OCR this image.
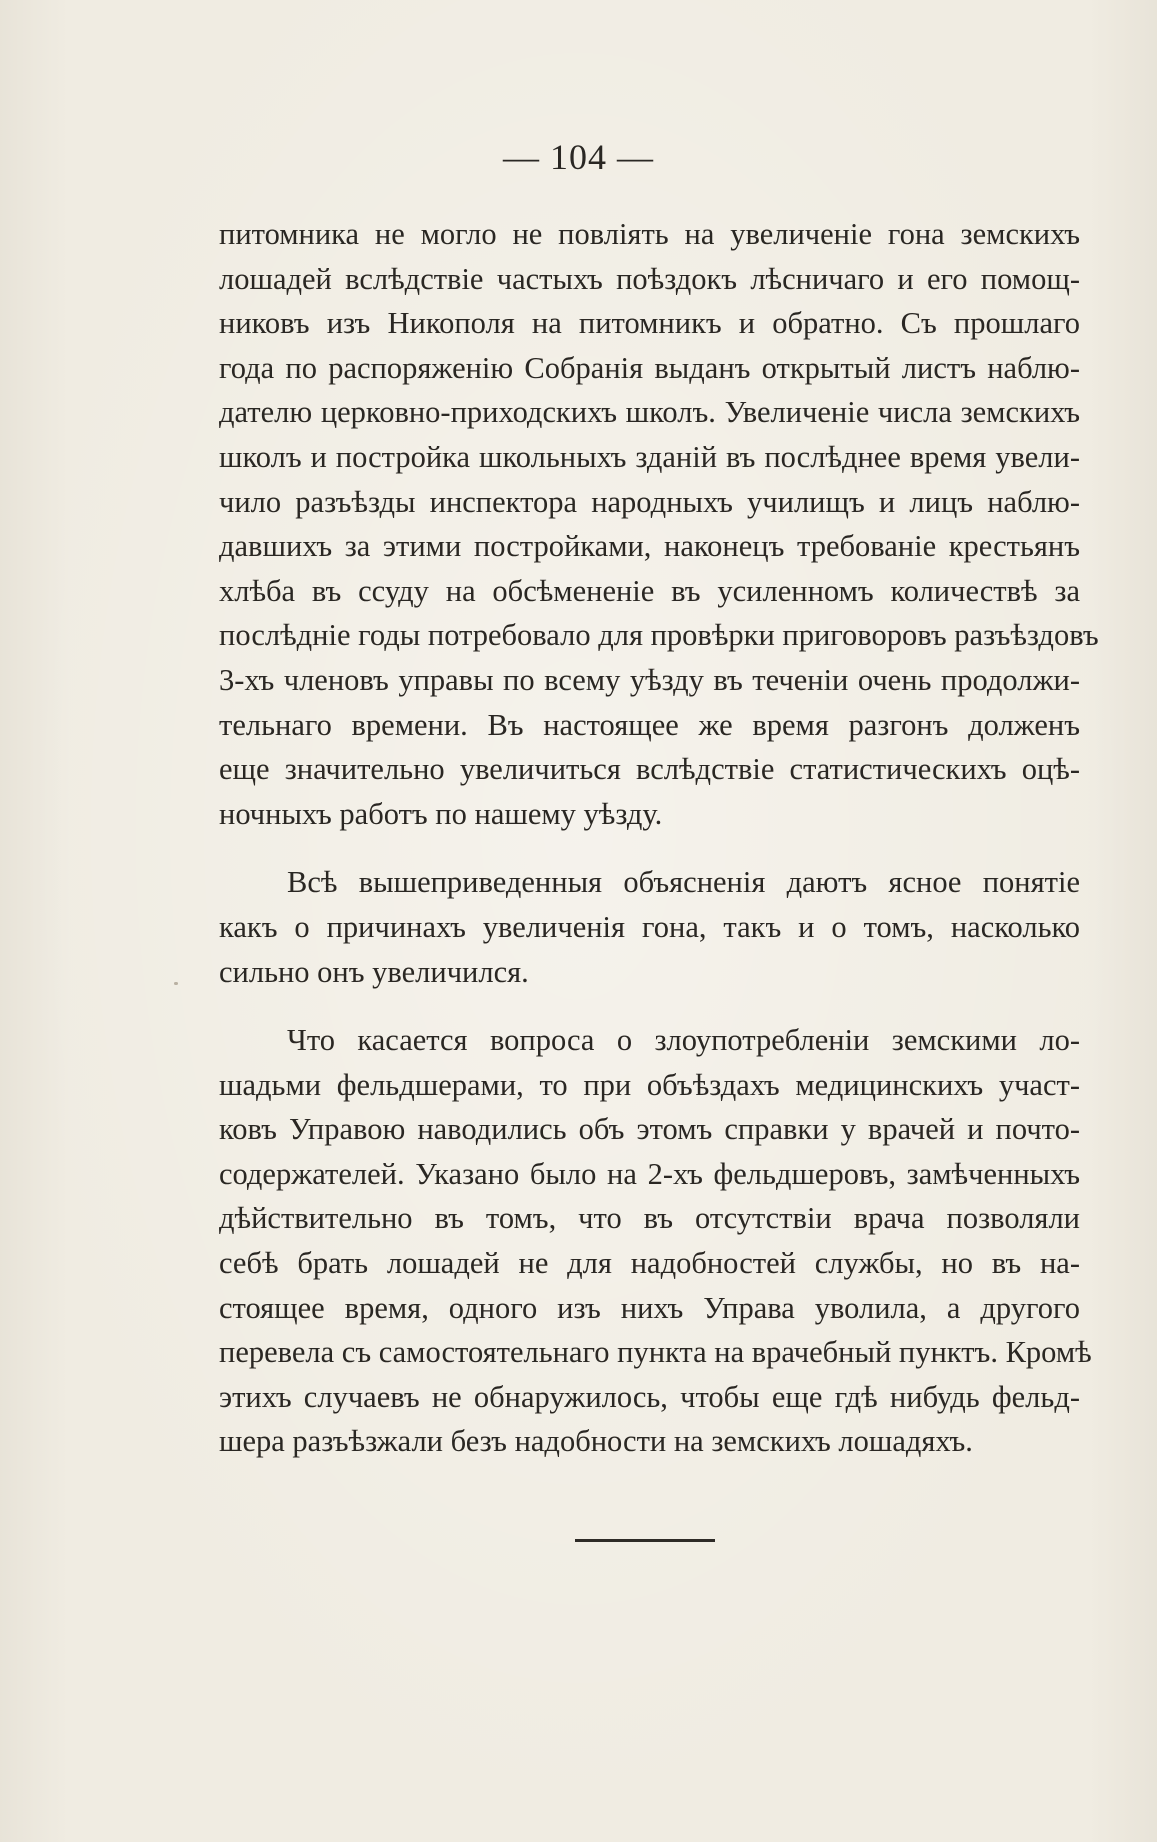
— 104 —
питомника не могло не повліять на увеличеніе гона земскихъ
лошадей вслѣдствіе частыхъ поѣздокъ лѣсничаго и его помощ-
никовъ изъ Никополя на питомникъ и обратно. Съ прошлаго
года по распоряженію Собранія выданъ открытый листъ наблю-
дателю церковно-приходскихъ школъ. Увеличеніе числа земскихъ
школъ и постройка школьныхъ зданій въ послѣднее время увели-
чило разъѣзды инспектора народныхъ училищъ и лицъ наблю-
давшихъ за этими постройками, наконецъ требованіе крестьянъ
хлѣба въ ссуду на обсѣмененіе въ усиленномъ количествѣ за
послѣдніе годы потребовало для провѣрки приговоровъ разъѣздовъ
3-хъ членовъ управы по всему уѣзду въ теченіи очень продолжи-
тельнаго времени. Въ настоящее же время разгонъ долженъ
еще значительно увеличиться вслѣдствіе статистическихъ оцѣ-
ночныхъ работъ по нашему уѣзду.
Всѣ вышеприведенныя объясненія даютъ ясное понятіе
какъ о причинахъ увеличенія гона, такъ и о томъ, насколько
сильно онъ увеличился.
Что касается вопроса о злоупотребленіи земскими ло-
шадьми фельдшерами, то при объѣздахъ медицинскихъ участ-
ковъ Управою наводились объ этомъ справки у врачей и почто-
содержателей. Указано было на 2-хъ фельдшеровъ, замѣченныхъ
дѣйствительно въ томъ, что въ отсутствіи врача позволяли
себѣ брать лошадей не для надобностей службы, но въ на-
стоящее время, одного изъ нихъ Управа уволила, а другого
перевела съ самостоятельнаго пункта на врачебный пунктъ. Кромѣ
этихъ случаевъ не обнаружилось, чтобы еще гдѣ нибудь фельд-
шера разъѣзжали безъ надобности на земскихъ лошадяхъ.
